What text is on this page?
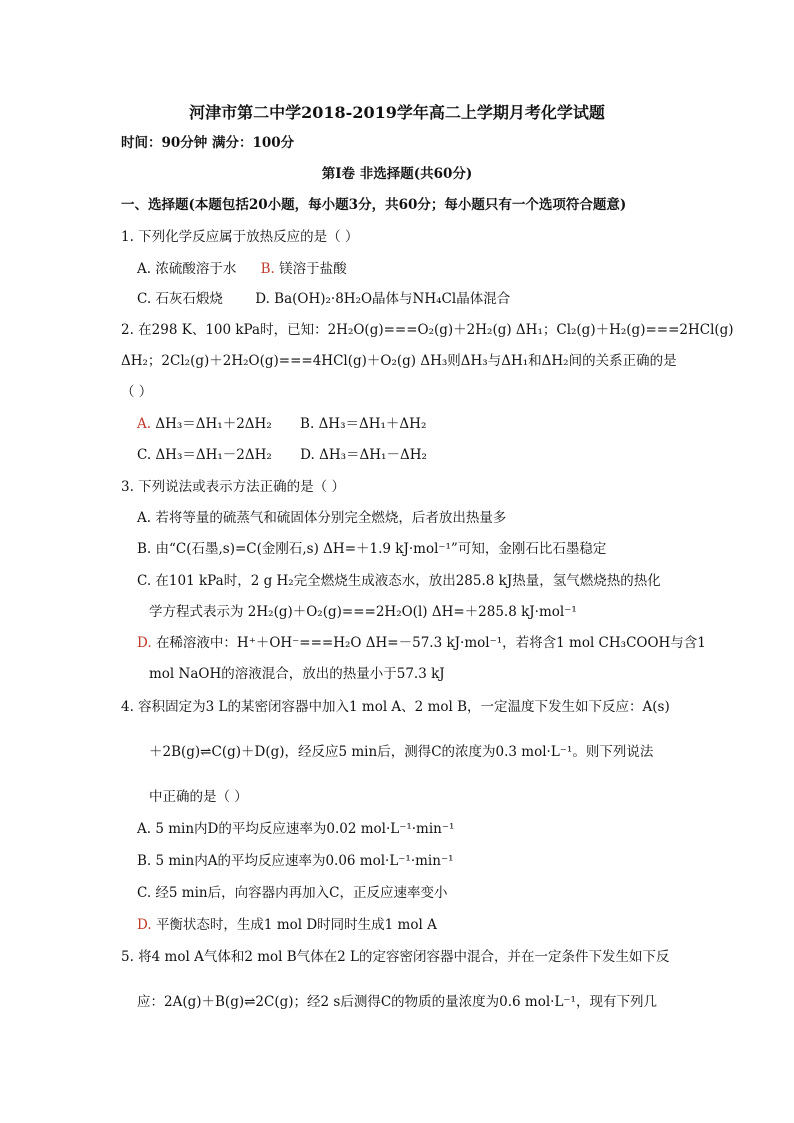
河津市第二中学2018-2019学年高二上学期月考化学试题
时间：90分钟 满分：100分
第Ⅰ卷 非选择题(共60分)
一、选择题(本题包括20小题，每小题3分，共60分；每小题只有一个选项符合题意)
1. 下列化学反应属于放热反应的是（ ）
A. 浓硫酸溶于水 B. 镁溶于盐酸
C. 石灰石煅烧 D. Ba(OH)₂·8H₂O晶体与NH₄Cl晶体混合
2. 在298 K、100 kPa时，已知：2H₂O(g)===O₂(g)＋2H₂(g) ΔH₁；Cl₂(g)＋H₂(g)===2HCl(g)
ΔH₂；2Cl₂(g)＋2H₂O(g)===4HCl(g)＋O₂(g) ΔH₃则ΔH₃与ΔH₁和ΔH₂间的关系正确的是
（ ）
A. ΔH₃＝ΔH₁＋2ΔH₂ B. ΔH₃＝ΔH₁＋ΔH₂
C. ΔH₃＝ΔH₁－2ΔH₂ D. ΔH₃＝ΔH₁－ΔH₂
3. 下列说法或表示方法正确的是（ ）
A. 若将等量的硫蒸气和硫固体分别完全燃烧，后者放出热量多
B. 由“C(石墨,s)=C(金刚石,s) ΔH=＋1.9 kJ·mol⁻¹”可知，金刚石比石墨稳定
C. 在101 kPa时，2 g H₂完全燃烧生成液态水，放出285.8 kJ热量，氢气燃烧热的热化
学方程式表示为 2H₂(g)＋O₂(g)===2H₂O(l) ΔH=＋285.8 kJ·mol⁻¹
D. 在稀溶液中：H⁺＋OH⁻===H₂O ΔH=－57.3 kJ·mol⁻¹，若将含1 mol CH₃COOH与含1
mol NaOH的溶液混合，放出的热量小于57.3 kJ
4. 容积固定为3 L的某密闭容器中加入1 mol A、2 mol B，一定温度下发生如下反应：A(s)
＋2B(g)⇌C(g)＋D(g)，经反应5 min后，测得C的浓度为0.3 mol·L⁻¹。则下列说法
中正确的是（ ）
A. 5 min内D的平均反应速率为0.02 mol·L⁻¹·min⁻¹
B. 5 min内A的平均反应速率为0.06 mol·L⁻¹·min⁻¹
C. 经5 min后，向容器内再加入C，正反应速率变小
D. 平衡状态时，生成1 mol D时同时生成1 mol A
5. 将4 mol A气体和2 mol B气体在2 L的定容密闭容器中混合，并在一定条件下发生如下反
应：2A(g)＋B(g)⇌2C(g)；经2 s后测得C的物质的量浓度为0.6 mol·L⁻¹，现有下列几
